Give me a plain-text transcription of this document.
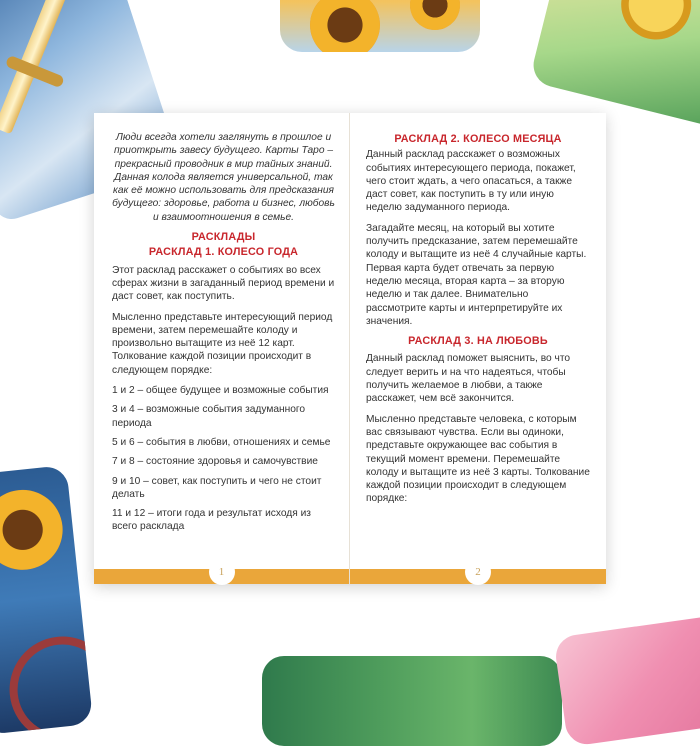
Люди всегда хотели заглянуть в прошлое и приоткрыть завесу будущего. Карты Таро – прекрасный проводник в мир тайных знаний. Данная колода является универсальной, так как её можно использовать для предсказания будущего: здоровье, работа и бизнес, любовь и взаимоотношения в семье.

РАСКЛАДЫ
РАСКЛАД 1. КОЛЕСО ГОДА

Этот расклад расскажет о событиях во всех сферах жизни в загаданный период времени и даст совет, как поступить.

Мысленно представьте интересующий период времени, затем перемешайте колоду и произвольно вытащите из неё 12 карт. Толкование каждой позиции происходит в следующем порядке:

1 и 2 – общее будущее и возможные события
3 и 4 – возможные события задуманного периода
5 и 6 – события в любви, отношениях и семье
7 и 8 – состояние здоровья и самочувствие
9 и 10 – совет, как поступить и чего не стоит делать
11 и 12 – итоги года и результат исходя из всего расклада
1
РАСКЛАД 2. КОЛЕСО МЕСЯЦА

Данный расклад расскажет о возможных событиях интересующего периода, покажет, чего стоит ждать, а чего опасаться, а также даст совет, как поступить в ту или иную неделю задуманного периода.

Загадайте месяц, на который вы хотите получить предсказание, затем перемешайте колоду и вытащите из неё 4 случайные карты. Первая карта будет отвечать за первую неделю месяца, вторая карта – за вторую неделю и так далее. Внимательно рассмотрите карты и интерпретируйте их значения.

РАСКЛАД 3. НА ЛЮБОВЬ

Данный расклад поможет выяснить, во что следует верить и на что надеяться, чтобы получить желаемое в любви, а также расскажет, чем всё закончится.

Мысленно представьте человека, с которым вас связывают чувства. Если вы одиноки, представьте окружающее вас события в текущий момент времени. Перемешайте колоду и вытащите из неё 3 карты. Толкование каждой позиции происходит в следующем порядке:

2
